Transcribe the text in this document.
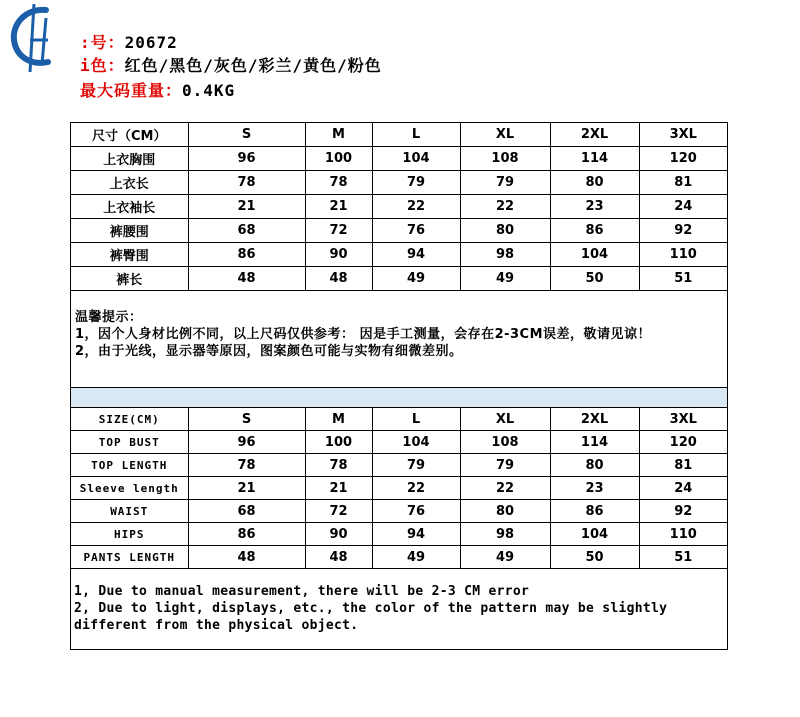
:号：20672
i色：红色/黑色/灰色/彩兰/黄色/粉色
最大码重量：0.4KG
尺寸（CM）	S	M	L	XL	2XL	3XL
上衣胸围	96	100	104	108	114	120
上衣长	78	78	79	79	80	81
上衣袖长	21	21	22	22	23	24
裤腰围	68	72	76	80	86	92
裤臀围	86	90	94	98	104	110
裤长	48	48	49	49	50	51
温馨提示：
1，因个人身材比例不同，以上尺码仅供参考： 因是手工测量，会存在2-3CM误差，敬请见谅！
2，由于光线，显示器等原因，图案颜色可能与实物有细微差别。
SIZE(CM)	S	M	L	XL	2XL	3XL
TOP BUST	96	100	104	108	114	120
TOP LENGTH	78	78	79	79	80	81
Sleeve length	21	21	22	22	23	24
WAIST	68	72	76	80	86	92
HIPS	86	90	94	98	104	110
PANTS LENGTH	48	48	49	49	50	51
1, Due to manual measurement, there will be 2-3 CM error
2, Due to light, displays, etc., the color of the pattern may be slightly different from the physical object.
